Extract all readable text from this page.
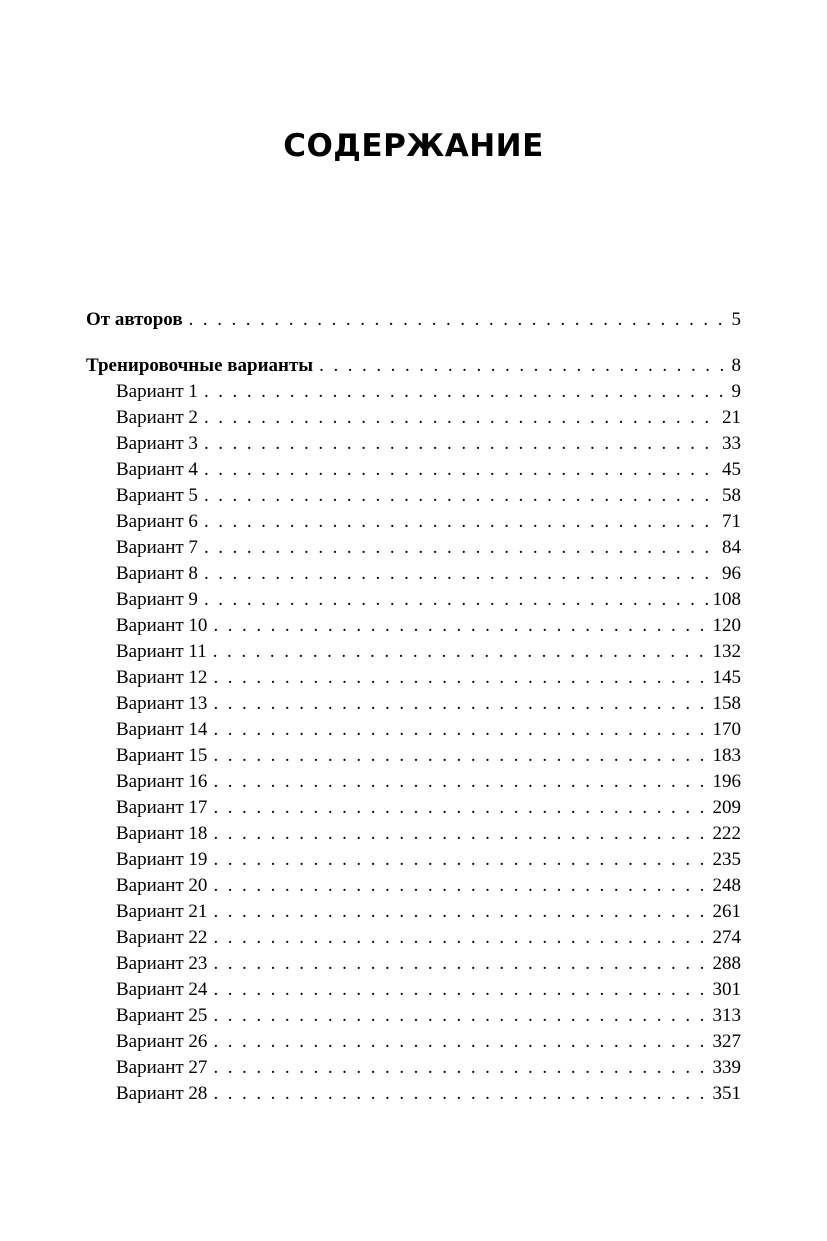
СОДЕРЖАНИЕ
От авторов . . .	5
Тренировочные варианты . . .	8
Вариант 1 . . .	9
Вариант 2 . . .	21
Вариант 3 . . .	33
Вариант 4 . . .	45
Вариант 5 . . .	58
Вариант 6 . . .	71
Вариант 7 . . .	84
Вариант 8 . . .	96
Вариант 9 . . .	108
Вариант 10 . . .	120
Вариант 11 . . .	132
Вариант 12 . . .	145
Вариант 13 . . .	158
Вариант 14 . . .	170
Вариант 15 . . .	183
Вариант 16 . . .	196
Вариант 17 . . .	209
Вариант 18 . . .	222
Вариант 19 . . .	235
Вариант 20 . . .	248
Вариант 21 . . .	261
Вариант 22 . . .	274
Вариант 23 . . .	288
Вариант 24 . . .	301
Вариант 25 . . .	313
Вариант 26 . . .	327
Вариант 27 . . .	339
Вариант 28 . . .	351
